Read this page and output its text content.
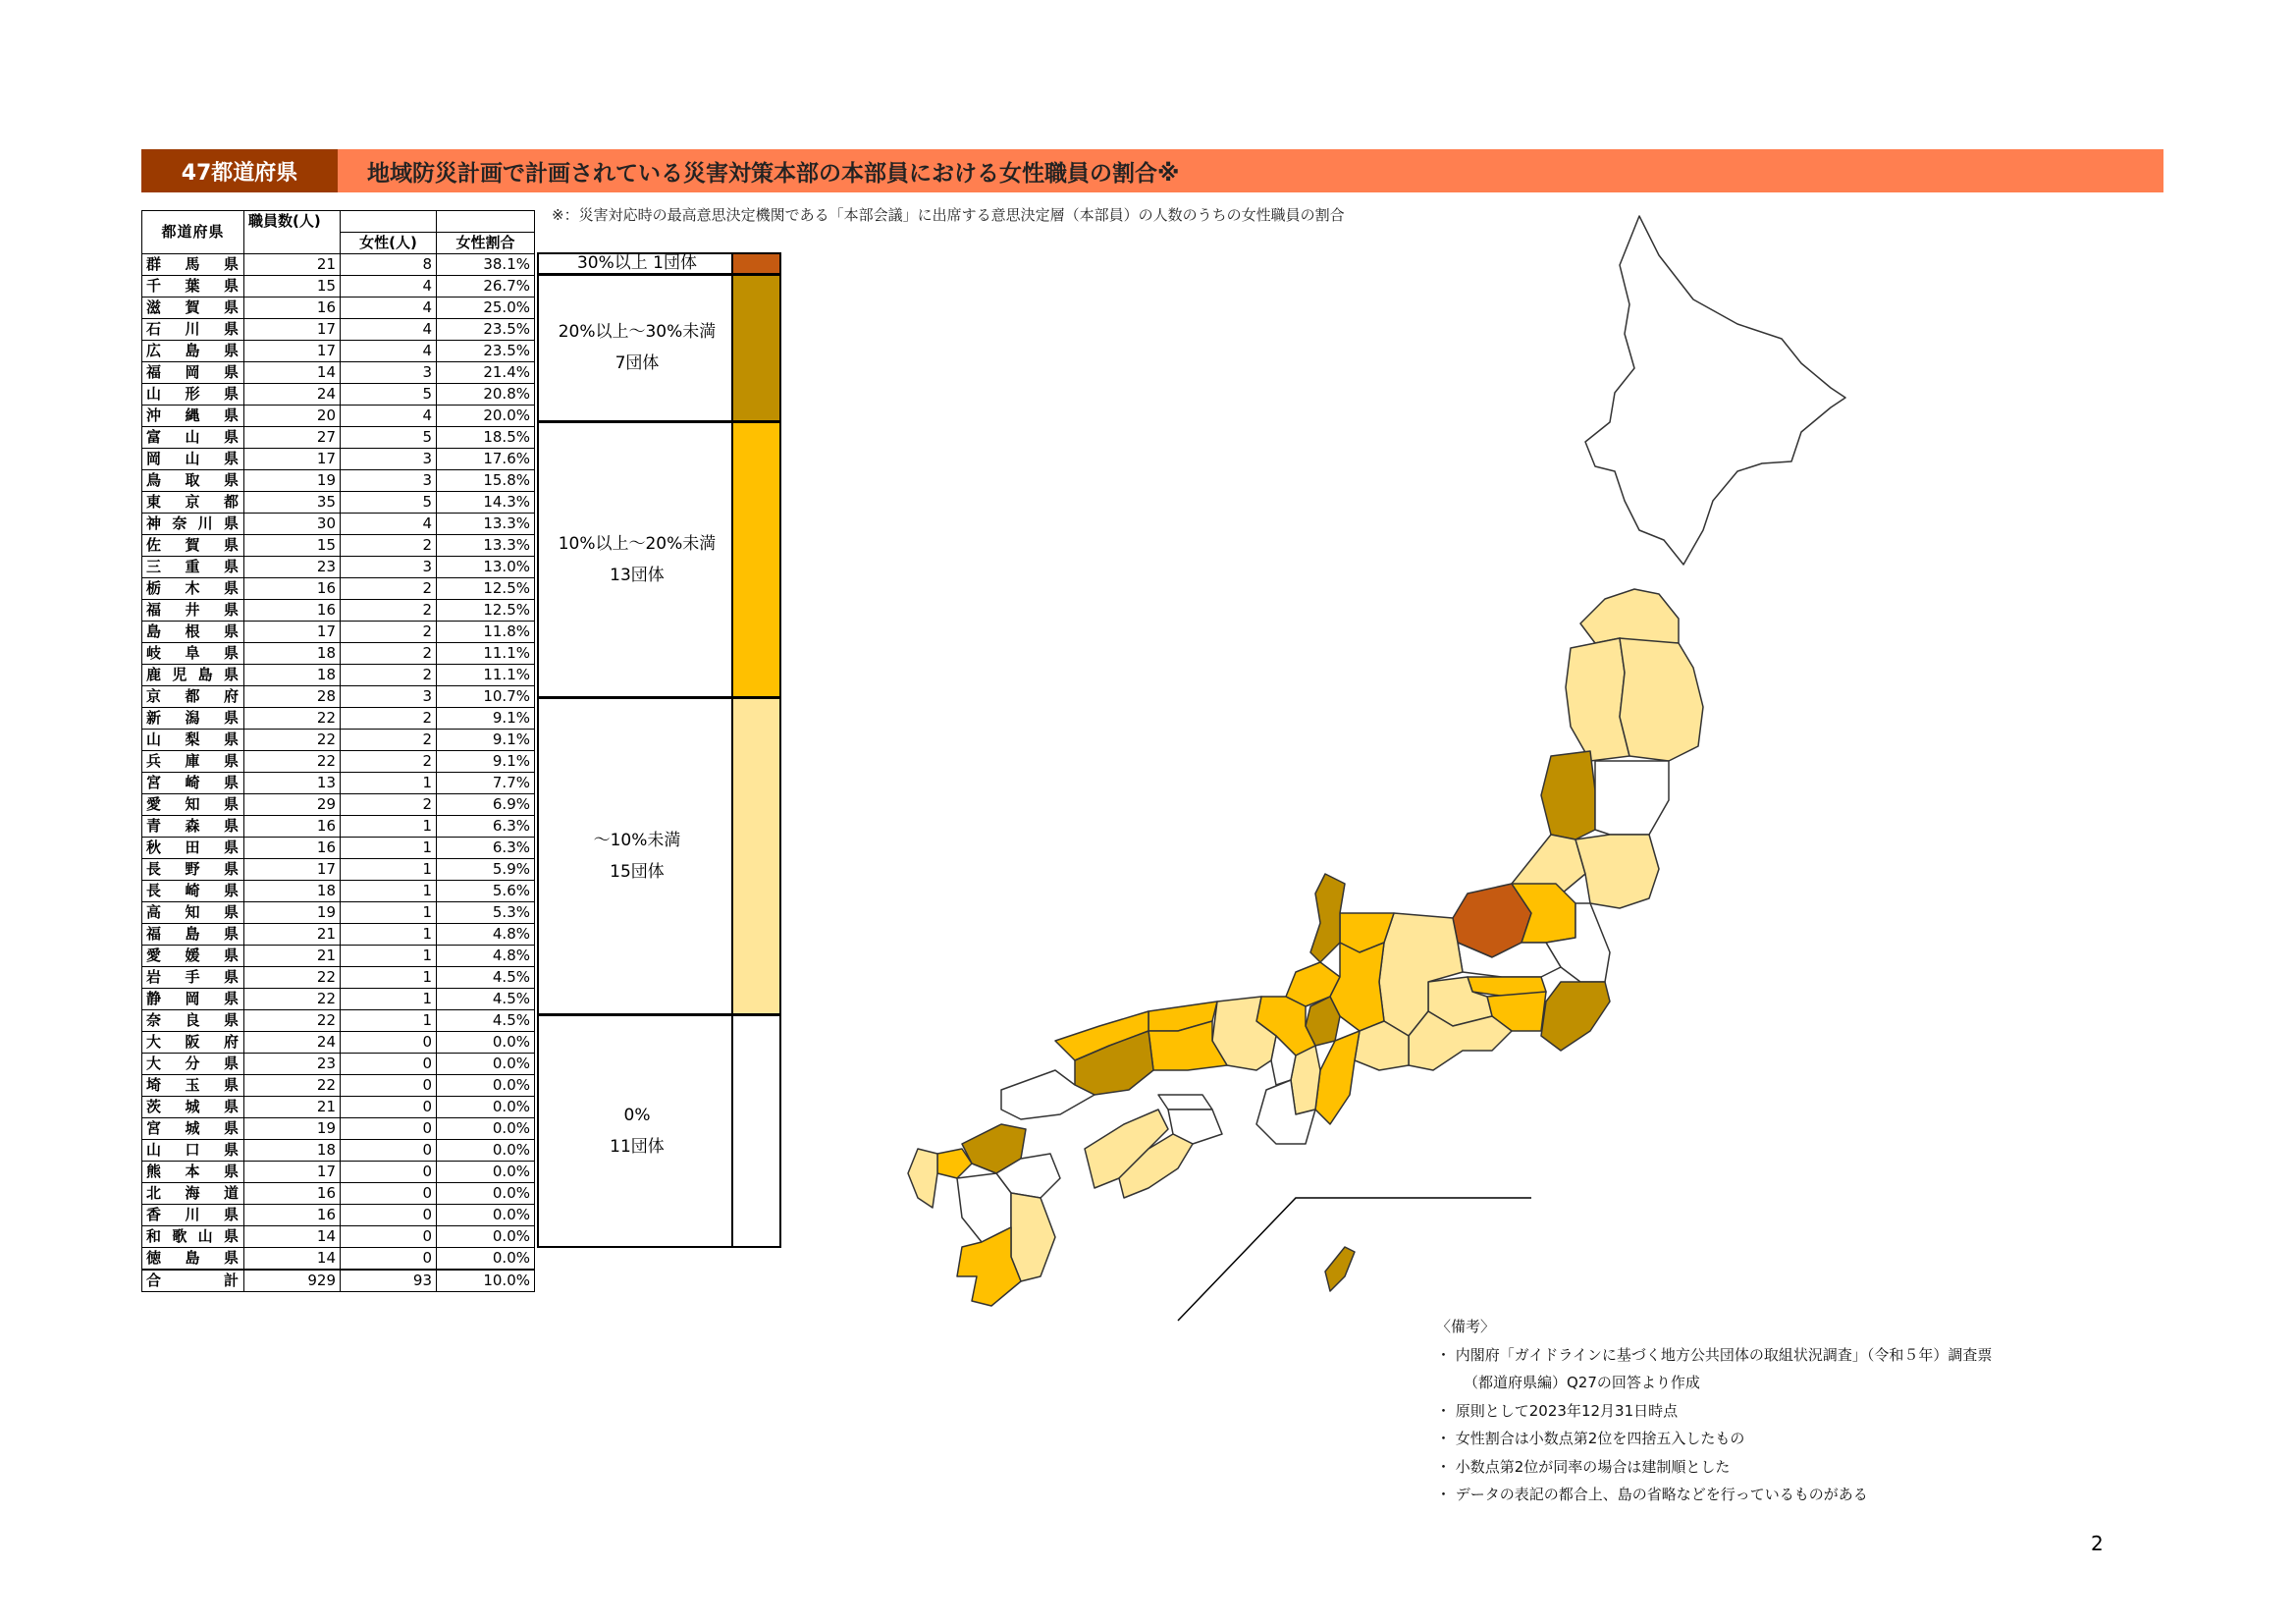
47都道府県	地域防災計画で計画されている災害対策本部の本部員における女性職員の割合※
※：災害対応時の最高意思決定機関である「本部会議」に出席する意思決定層（本部員）の人数のうちの女性職員の割合
都道府県	職員数(人)		
		女性(人)	女性割合
群馬県	21	8	38.1%
千葉県	15	4	26.7%
滋賀県	16	4	25.0%
石川県	17	4	23.5%
広島県	17	4	23.5%
福岡県	14	3	21.4%
山形県	24	5	20.8%
沖縄県	20	4	20.0%
富山県	27	5	18.5%
岡山県	17	3	17.6%
鳥取県	19	3	15.8%
東京都	35	5	14.3%
神奈川県	30	4	13.3%
佐賀県	15	2	13.3%
三重県	23	3	13.0%
栃木県	16	2	12.5%
福井県	16	2	12.5%
島根県	17	2	11.8%
岐阜県	18	2	11.1%
鹿児島県	18	2	11.1%
京都府	28	3	10.7%
新潟県	22	2	9.1%
山梨県	22	2	9.1%
兵庫県	22	2	9.1%
宮崎県	13	1	7.7%
愛知県	29	2	6.9%
青森県	16	1	6.3%
秋田県	16	1	6.3%
長野県	17	1	5.9%
長崎県	18	1	5.6%
高知県	19	1	5.3%
福島県	21	1	4.8%
愛媛県	21	1	4.8%
岩手県	22	1	4.5%
静岡県	22	1	4.5%
奈良県	22	1	4.5%
大阪府	24	0	0.0%
大分県	23	0	0.0%
埼玉県	22	0	0.0%
茨城県	21	0	0.0%
宮城県	19	0	0.0%
山口県	18	0	0.0%
熊本県	17	0	0.0%
北海道	16	0	0.0%
香川県	16	0	0.0%
和歌山県	14	0	0.0%
徳島県	14	0	0.0%
合計	929	93	10.0%
30%以上 1団体
20%以上～30%未満
7団体
10%以上～20%未満
13団体
～10%未満
15団体
0%
11団体
〈備考〉
・ 内閣府「ガイドラインに基づく地方公共団体の取組状況調査」（令和５年）調査票
（都道府県編）Q27の回答より作成
・ 原則として2023年12月31日時点
・ 女性割合は小数点第2位を四捨五入したもの
・ 小数点第2位が同率の場合は建制順とした
・ データの表記の都合上、島の省略などを行っているものがある
2
